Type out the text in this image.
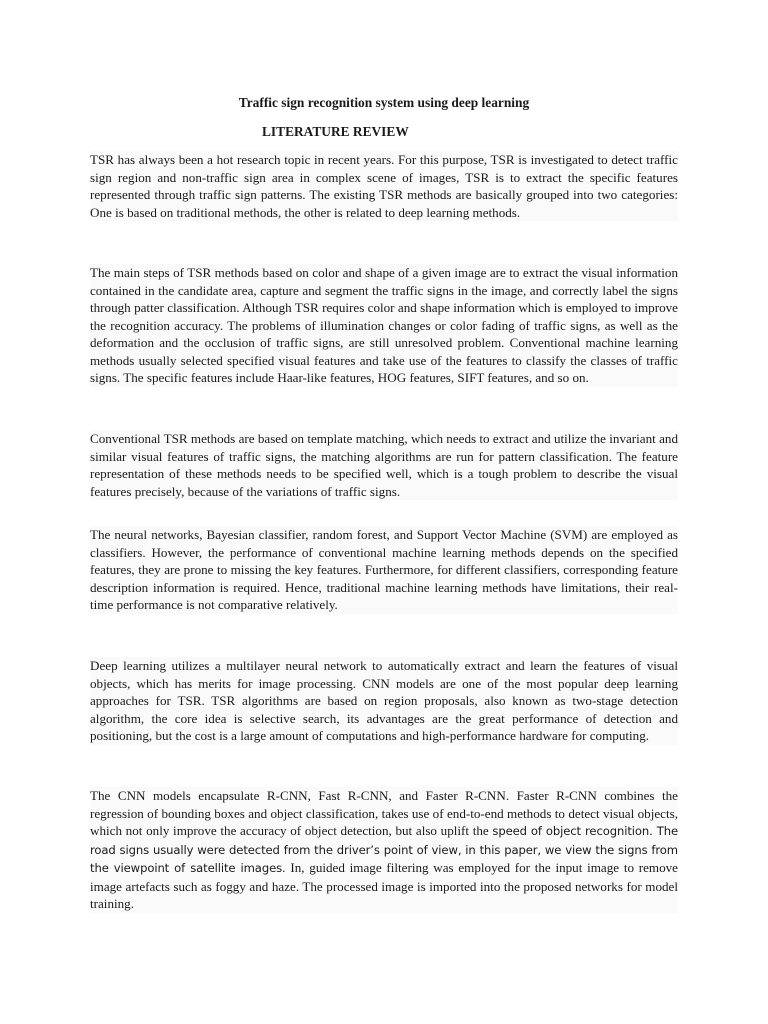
Traffic sign recognition system using deep learning

LITERATURE REVIEW

TSR has always been a hot research topic in recent years. For this purpose, TSR is investigated to detect traffic sign region and non-traffic sign area in complex scene of images, TSR is to extract the specific features represented through traffic sign patterns. The existing TSR methods are basically grouped into two categories: One is based on traditional methods, the other is related to deep learning methods.

The main steps of TSR methods based on color and shape of a given image are to extract the visual information contained in the candidate area, capture and segment the traffic signs in the image, and correctly label the signs through patter classification. Although TSR requires color and shape information which is employed to improve the recognition accuracy. The problems of illumination changes or color fading of traffic signs, as well as the deformation and the occlusion of traffic signs, are still unresolved problem. Conventional machine learning methods usually selected specified visual features and take use of the features to classify the classes of traffic signs. The specific features include Haar-like features, HOG features, SIFT features, and so on.

Conventional TSR methods are based on template matching, which needs to extract and utilize the invariant and similar visual features of traffic signs, the matching algorithms are run for pattern classification. The feature representation of these methods needs to be specified well, which is a tough problem to describe the visual features precisely, because of the variations of traffic signs.

The neural networks, Bayesian classifier, random forest, and Support Vector Machine (SVM) are employed as classifiers. However, the performance of conventional machine learning methods depends on the specified features, they are prone to missing the key features. Furthermore, for different classifiers, corresponding feature description information is required. Hence, traditional machine learning methods have limitations, their real-time performance is not comparative relatively.

Deep learning utilizes a multilayer neural network to automatically extract and learn the features of visual objects, which has merits for image processing. CNN models are one of the most popular deep learning approaches for TSR. TSR algorithms are based on region proposals, also known as two-stage detection algorithm, the core idea is selective search, its advantages are the great performance of detection and positioning, but the cost is a large amount of computations and high-performance hardware for computing.

The CNN models encapsulate R-CNN, Fast R-CNN, and Faster R-CNN. Faster R-CNN combines the regression of bounding boxes and object classification, takes use of end-to-end methods to detect visual objects, which not only improve the accuracy of object detection, but also uplift the speed of object recognition. The road signs usually were detected from the driver’s point of view, in this paper, we view the signs from the viewpoint of satellite images. In, guided image filtering was employed for the input image to remove image artefacts such as foggy and haze. The processed image is imported into the proposed networks for model training.
